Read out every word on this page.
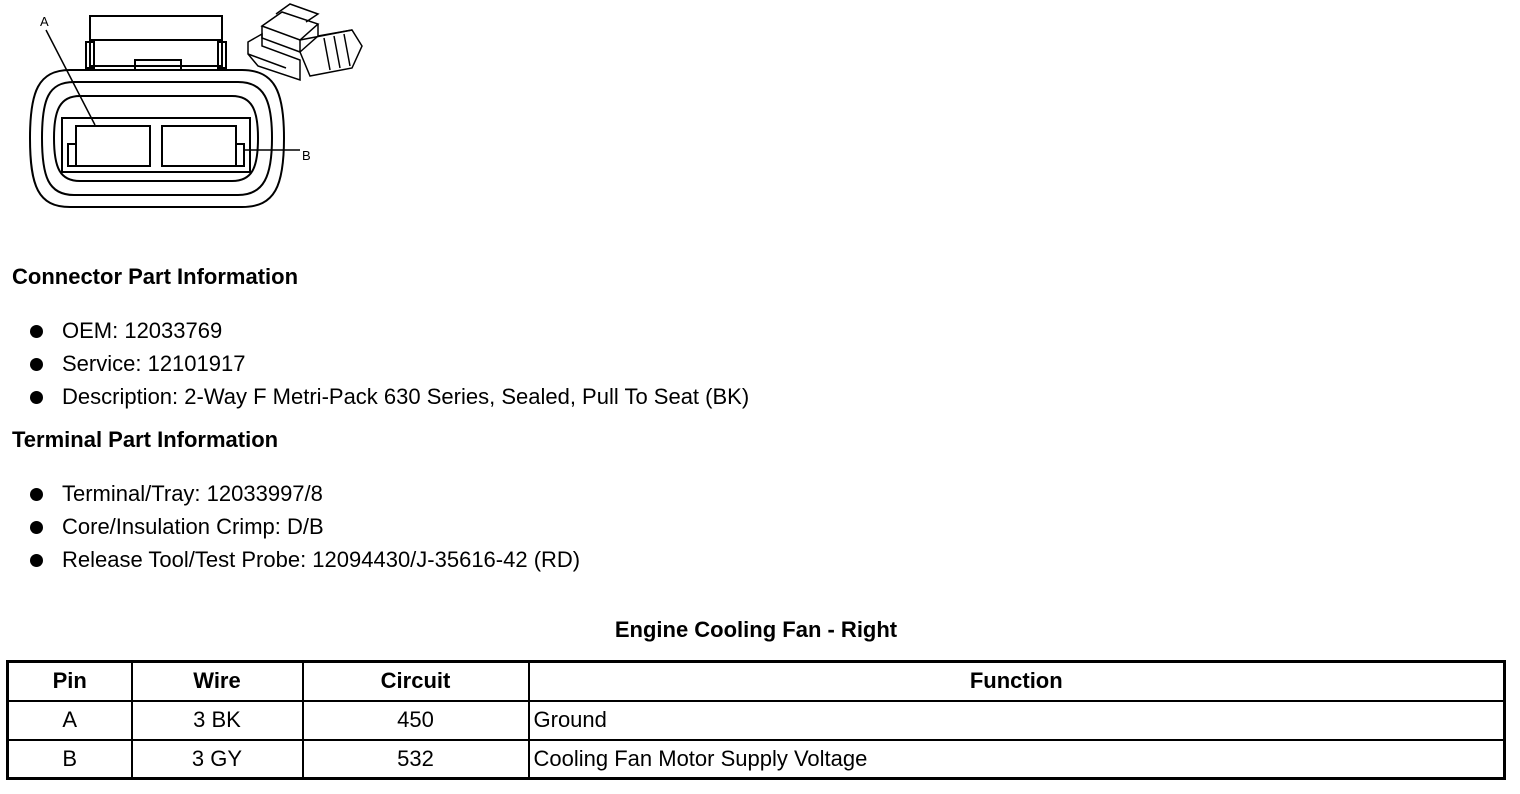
A
B
Connector Part Information
OEM: 12033769
Service: 12101917
Description: 2-Way F Metri-Pack 630 Series, Sealed, Pull To Seat (BK)
Terminal Part Information
Terminal/Tray: 12033997/8
Core/Insulation Crimp: D/B
Release Tool/Test Probe: 12094430/J-35616-42 (RD)
Engine Cooling Fan - Right
Pin	Wire	Circuit	Function
A	3 BK	450	Ground
B	3 GY	532	Cooling Fan Motor Supply Voltage
